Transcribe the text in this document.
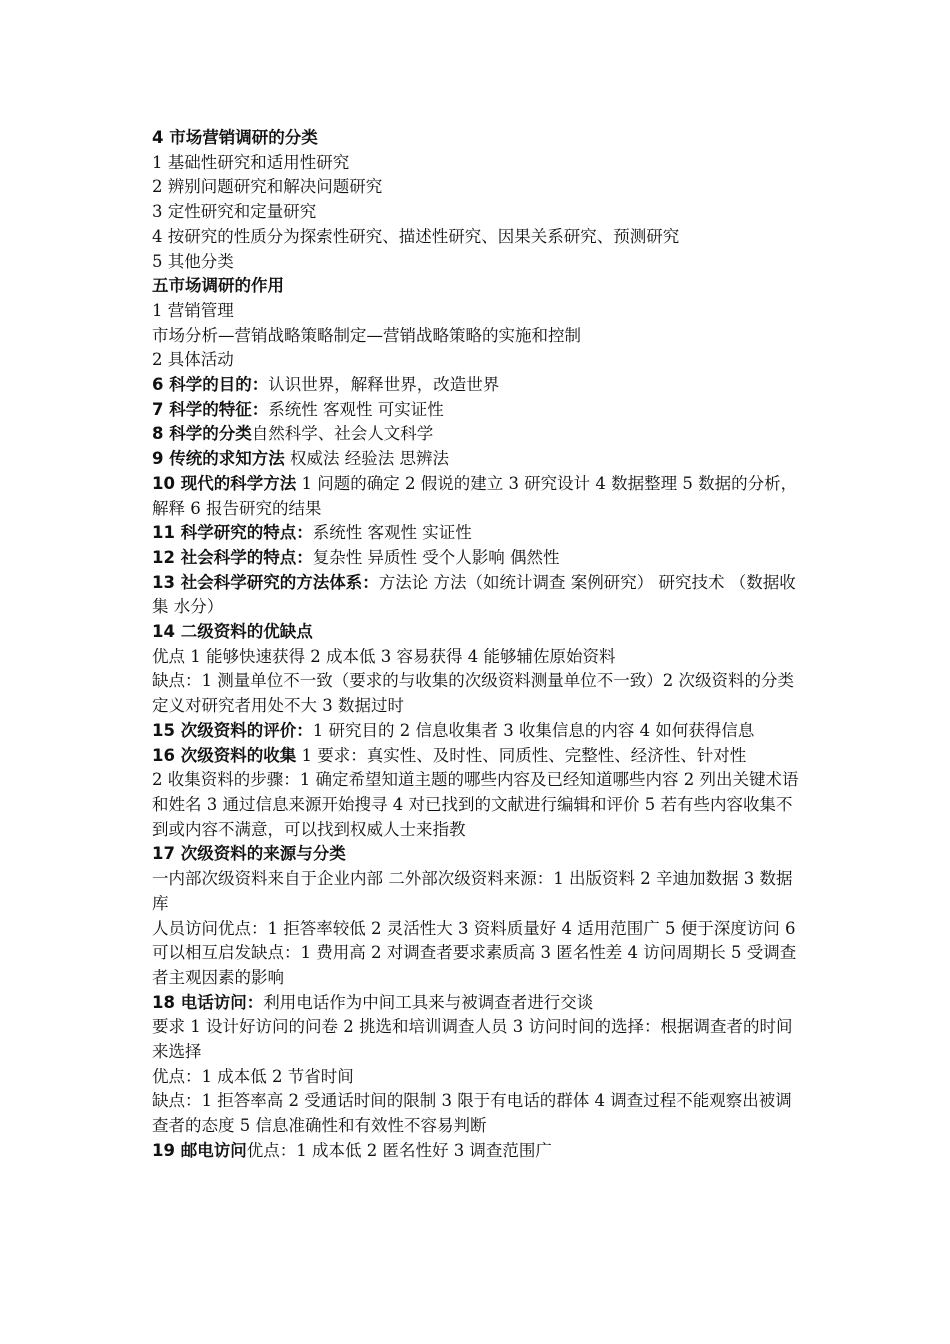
4 市场营销调研的分类

1 基础性研究和适用性研究

2 辨别问题研究和解决问题研究

3 定性研究和定量研究

4 按研究的性质分为探索性研究、描述性研究、因果关系研究、预测研究

5 其他分类

五市场调研的作用

1 营销管理

市场分析—营销战略策略制定—营销战略策略的实施和控制

2 具体活动

6 科学的目的：认识世界，解释世界，改造世界

7 科学的特征：系统性 客观性 可实证性

8 科学的分类自然科学、社会人文科学

9 传统的求知方法 权威法 经验法 思辨法

10 现代的科学方法 1 问题的确定 2 假说的建立 3 研究设计 4 数据整理 5 数据的分析，解释 6 报告研究的结果

11 科学研究的特点：系统性 客观性 实证性

12 社会科学的特点：复杂性 异质性 受个人影响 偶然性

13 社会科学研究的方法体系：方法论 方法（如统计调查 案例研究） 研究技术 （数据收集 水分）

14 二级资料的优缺点

优点 1 能够快速获得 2 成本低 3 容易获得 4 能够辅佐原始资料

缺点：1 测量单位不一致（要求的与收集的次级资料测量单位不一致）2 次级资料的分类定义对研究者用处不大 3 数据过时

15 次级资料的评价：1 研究目的 2 信息收集者 3 收集信息的内容 4 如何获得信息

16 次级资料的收集 1 要求：真实性、及时性、同质性、完整性、经济性、针对性

2 收集资料的步骤：1 确定希望知道主题的哪些内容及已经知道哪些内容 2 列出关键术语和姓名 3 通过信息来源开始搜寻 4 对已找到的文献进行编辑和评价 5 若有些内容收集不到或内容不满意，可以找到权威人士来指教

17 次级资料的来源与分类

一内部次级资料来自于企业内部 二外部次级资料来源：1 出版资料 2 辛迪加数据 3 数据库

人员访问优点：1 拒答率较低 2 灵活性大 3 资料质量好 4 适用范围广 5 便于深度访问 6 可以相互启发缺点：1 费用高 2 对调查者要求素质高 3 匿名性差 4 访问周期长 5 受调查者主观因素的影响

18 电话访问：利用电话作为中间工具来与被调查者进行交谈

要求 1 设计好访问的问卷 2 挑选和培训调查人员 3 访问时间的选择：根据调查者的时间来选择

优点：1 成本低 2 节省时间

缺点：1 拒答率高 2 受通话时间的限制 3 限于有电话的群体 4 调查过程不能观察出被调查者的态度 5 信息准确性和有效性不容易判断

19 邮电访问优点：1 成本低 2 匿名性好 3 调查范围广
